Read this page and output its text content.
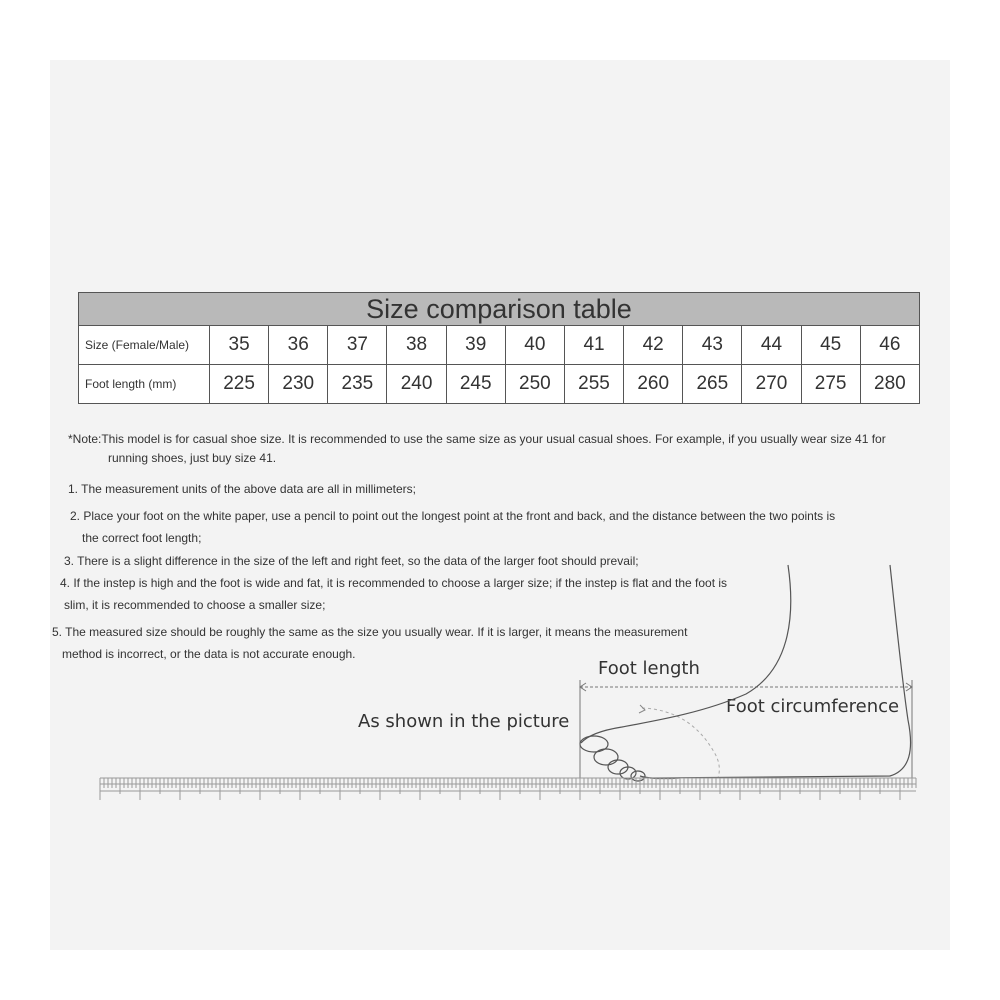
Size comparison table												
Size (Female/Male)	35	36	37	38	39	40	41	42	43	44	45	46
Foot length (mm)	225	230	235	240	245	250	255	260	265	270	275	280
*Note:This model is for casual shoe size. It is recommended to use the same size as your usual casual shoes. For example, if you usually wear size 41 for
running shoes, just buy size 41.
1. The measurement units of the above data are all in millimeters;
2. Place your foot on the white paper, use a pencil to point out the longest point at the front and back, and the distance between the two points is
the correct foot length;
3. There is a slight difference in the size of the left and right feet, so the data of the larger foot should prevail;
4. If the instep is high and the foot is wide and fat, it is recommended to choose a larger size; if the instep is flat and the foot is
slim, it is recommended to choose a smaller size;
5. The measured size should be roughly the same as the size you usually wear. If it is larger, it means the measurement
method is incorrect, or the data is not accurate enough.
Foot length
Foot circumference
As shown in the picture
